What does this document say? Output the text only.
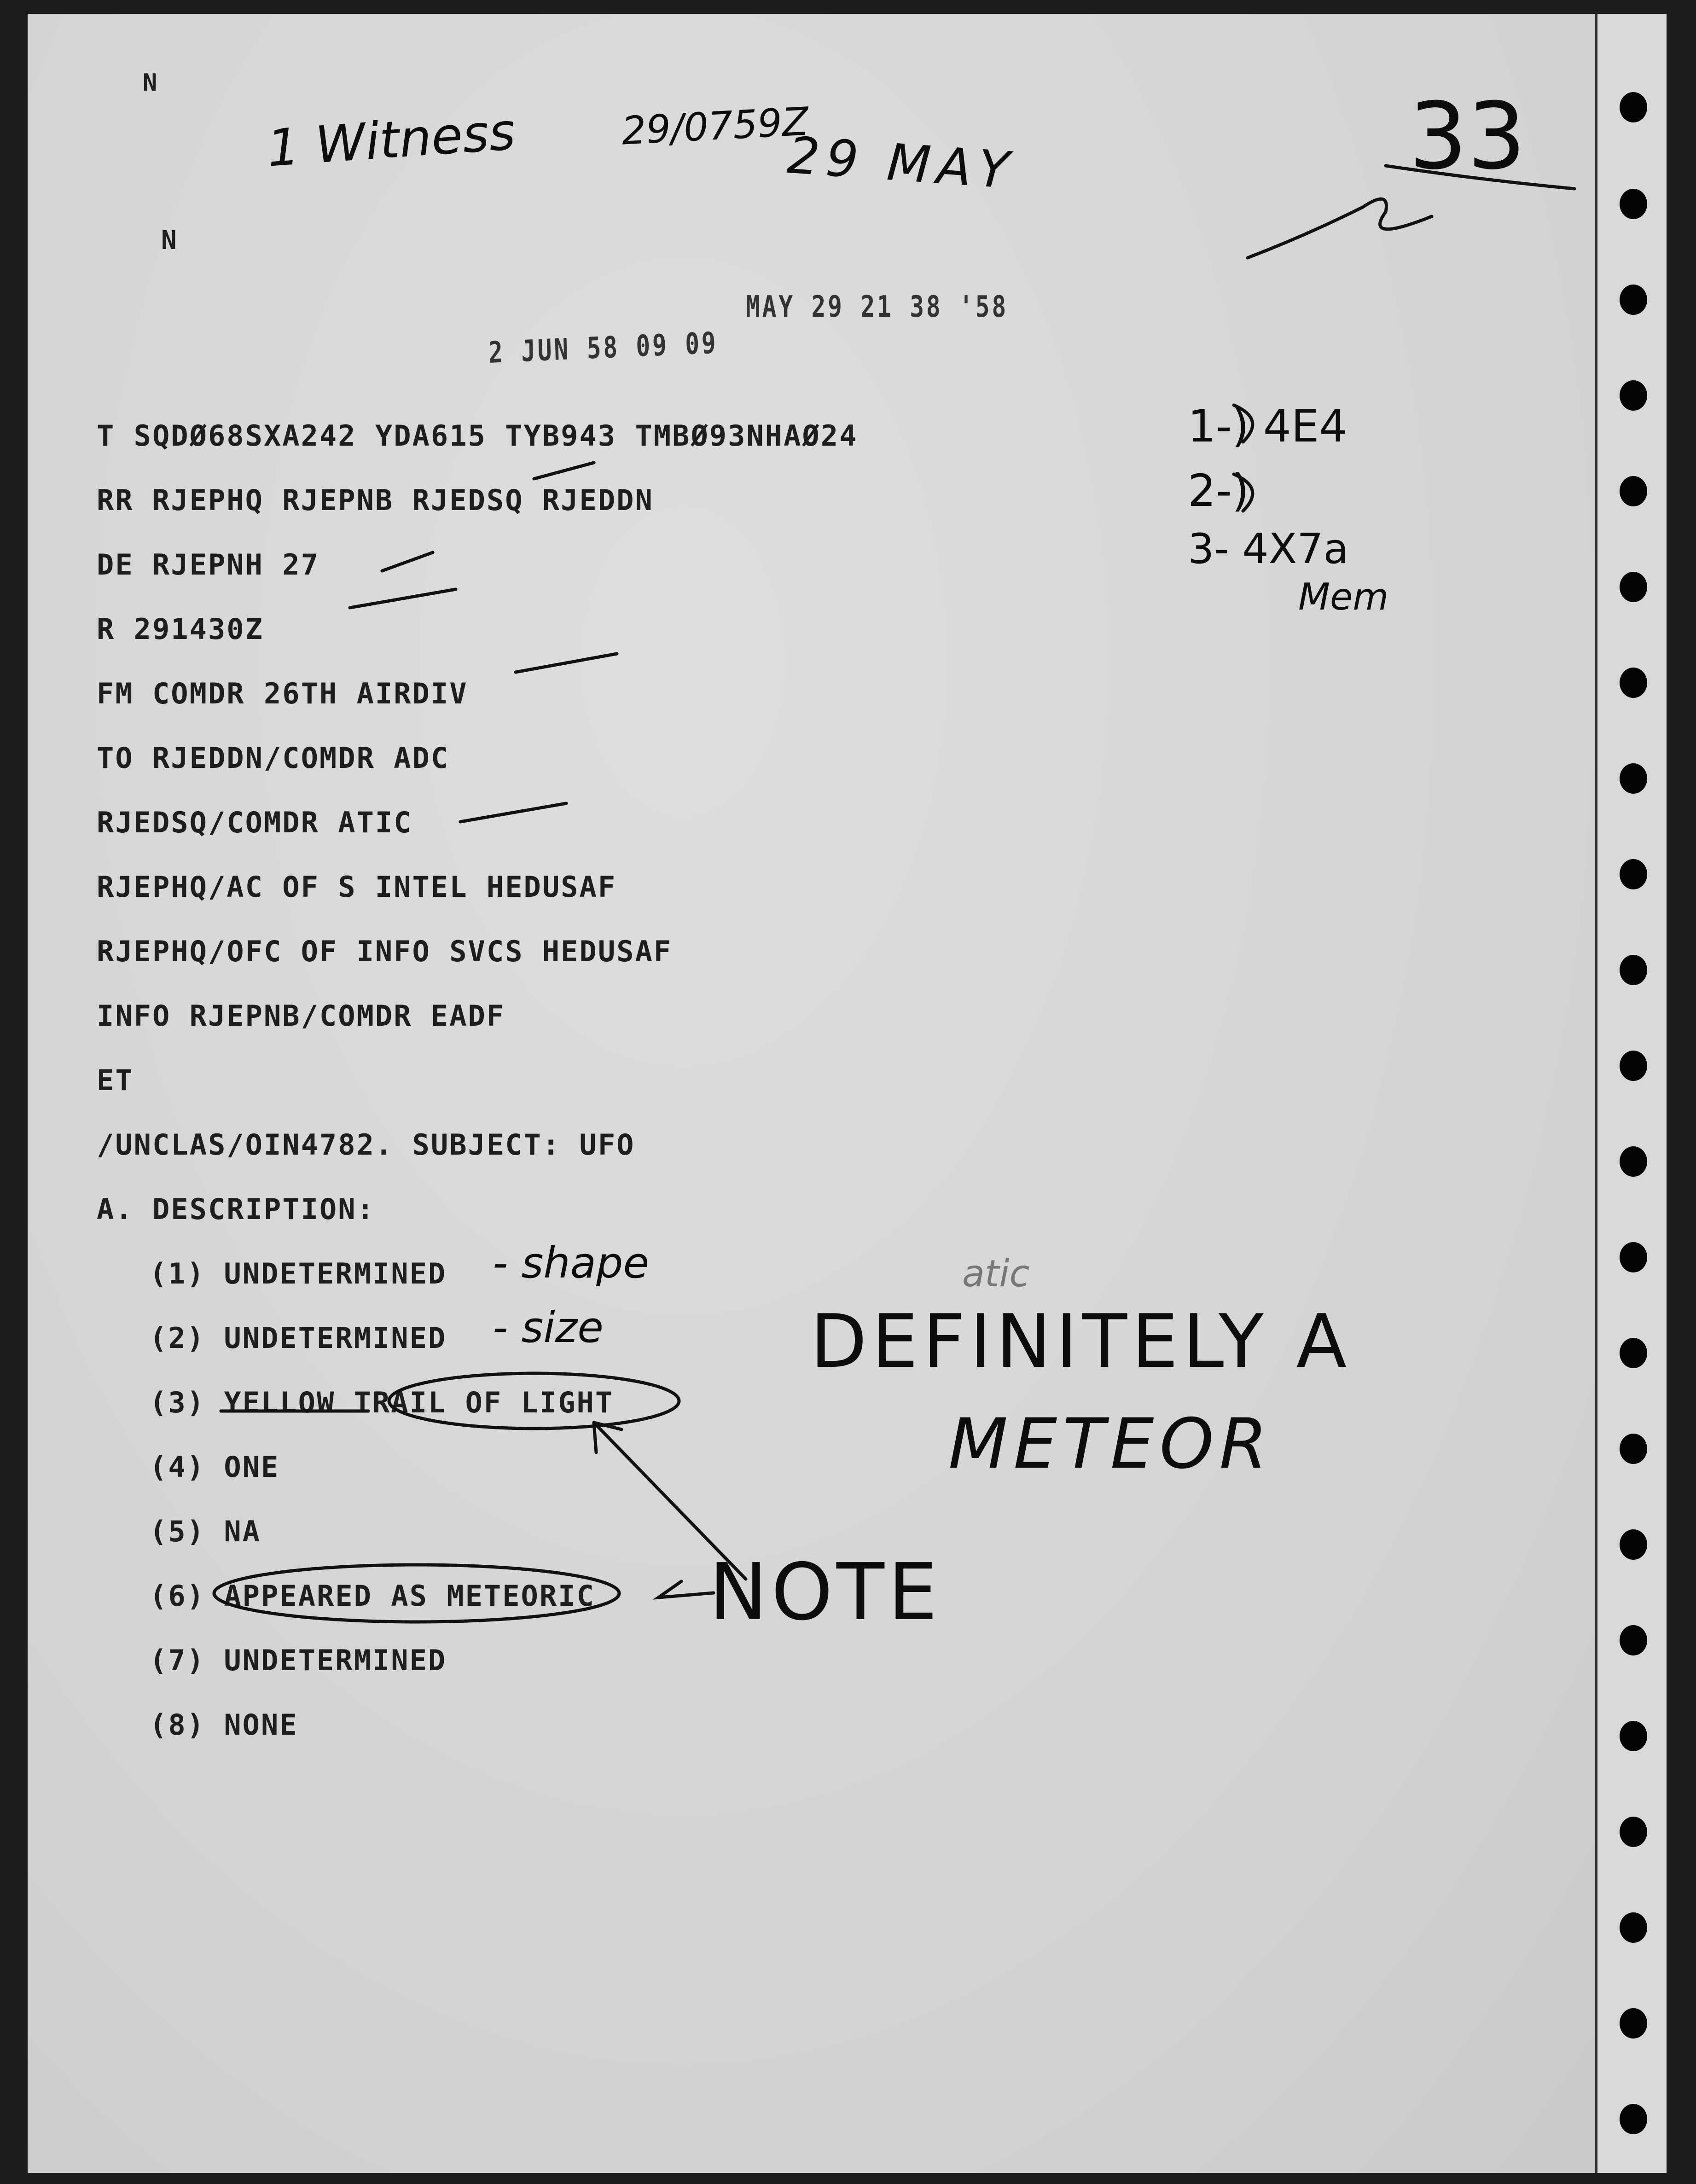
N
N
1 Witness	29/0759Z
29 MAY	33
MAY 29 21 38 '58
2 JUN 58 09 09
T SQDØ68SXA242 YDA615 TYB943 TMBØ93NHAØ24
RR RJEPHQ RJEPNB RJEDSQ RJEDDN
DE RJEPNH 27
R 291430Z
FM COMDR 26TH AIRDIV
TO RJEDDN/COMDR ADC
RJEDSQ/COMDR ATIC
RJEPHQ/AC OF S INTEL HEDUSAF
RJEPHQ/OFC OF INFO SVCS HEDUSAF
INFO RJEPNB/COMDR EADF
ET
/UNCLAS/OIN4782. SUBJECT: UFO
A. DESCRIPTION:
(1) UNDETERMINED - shape
(2) UNDETERMINED - size
(3) YELLOW TRAIL OF LIGHT
(4) ONE
(5) NA
(6) APPEARED AS METEORIC NOTE
(7) UNDETERMINED
(8) NONE
1-) 4E4
2-)
3- 4X7a
Mem
atic
DEFINITELY A
METEOR
